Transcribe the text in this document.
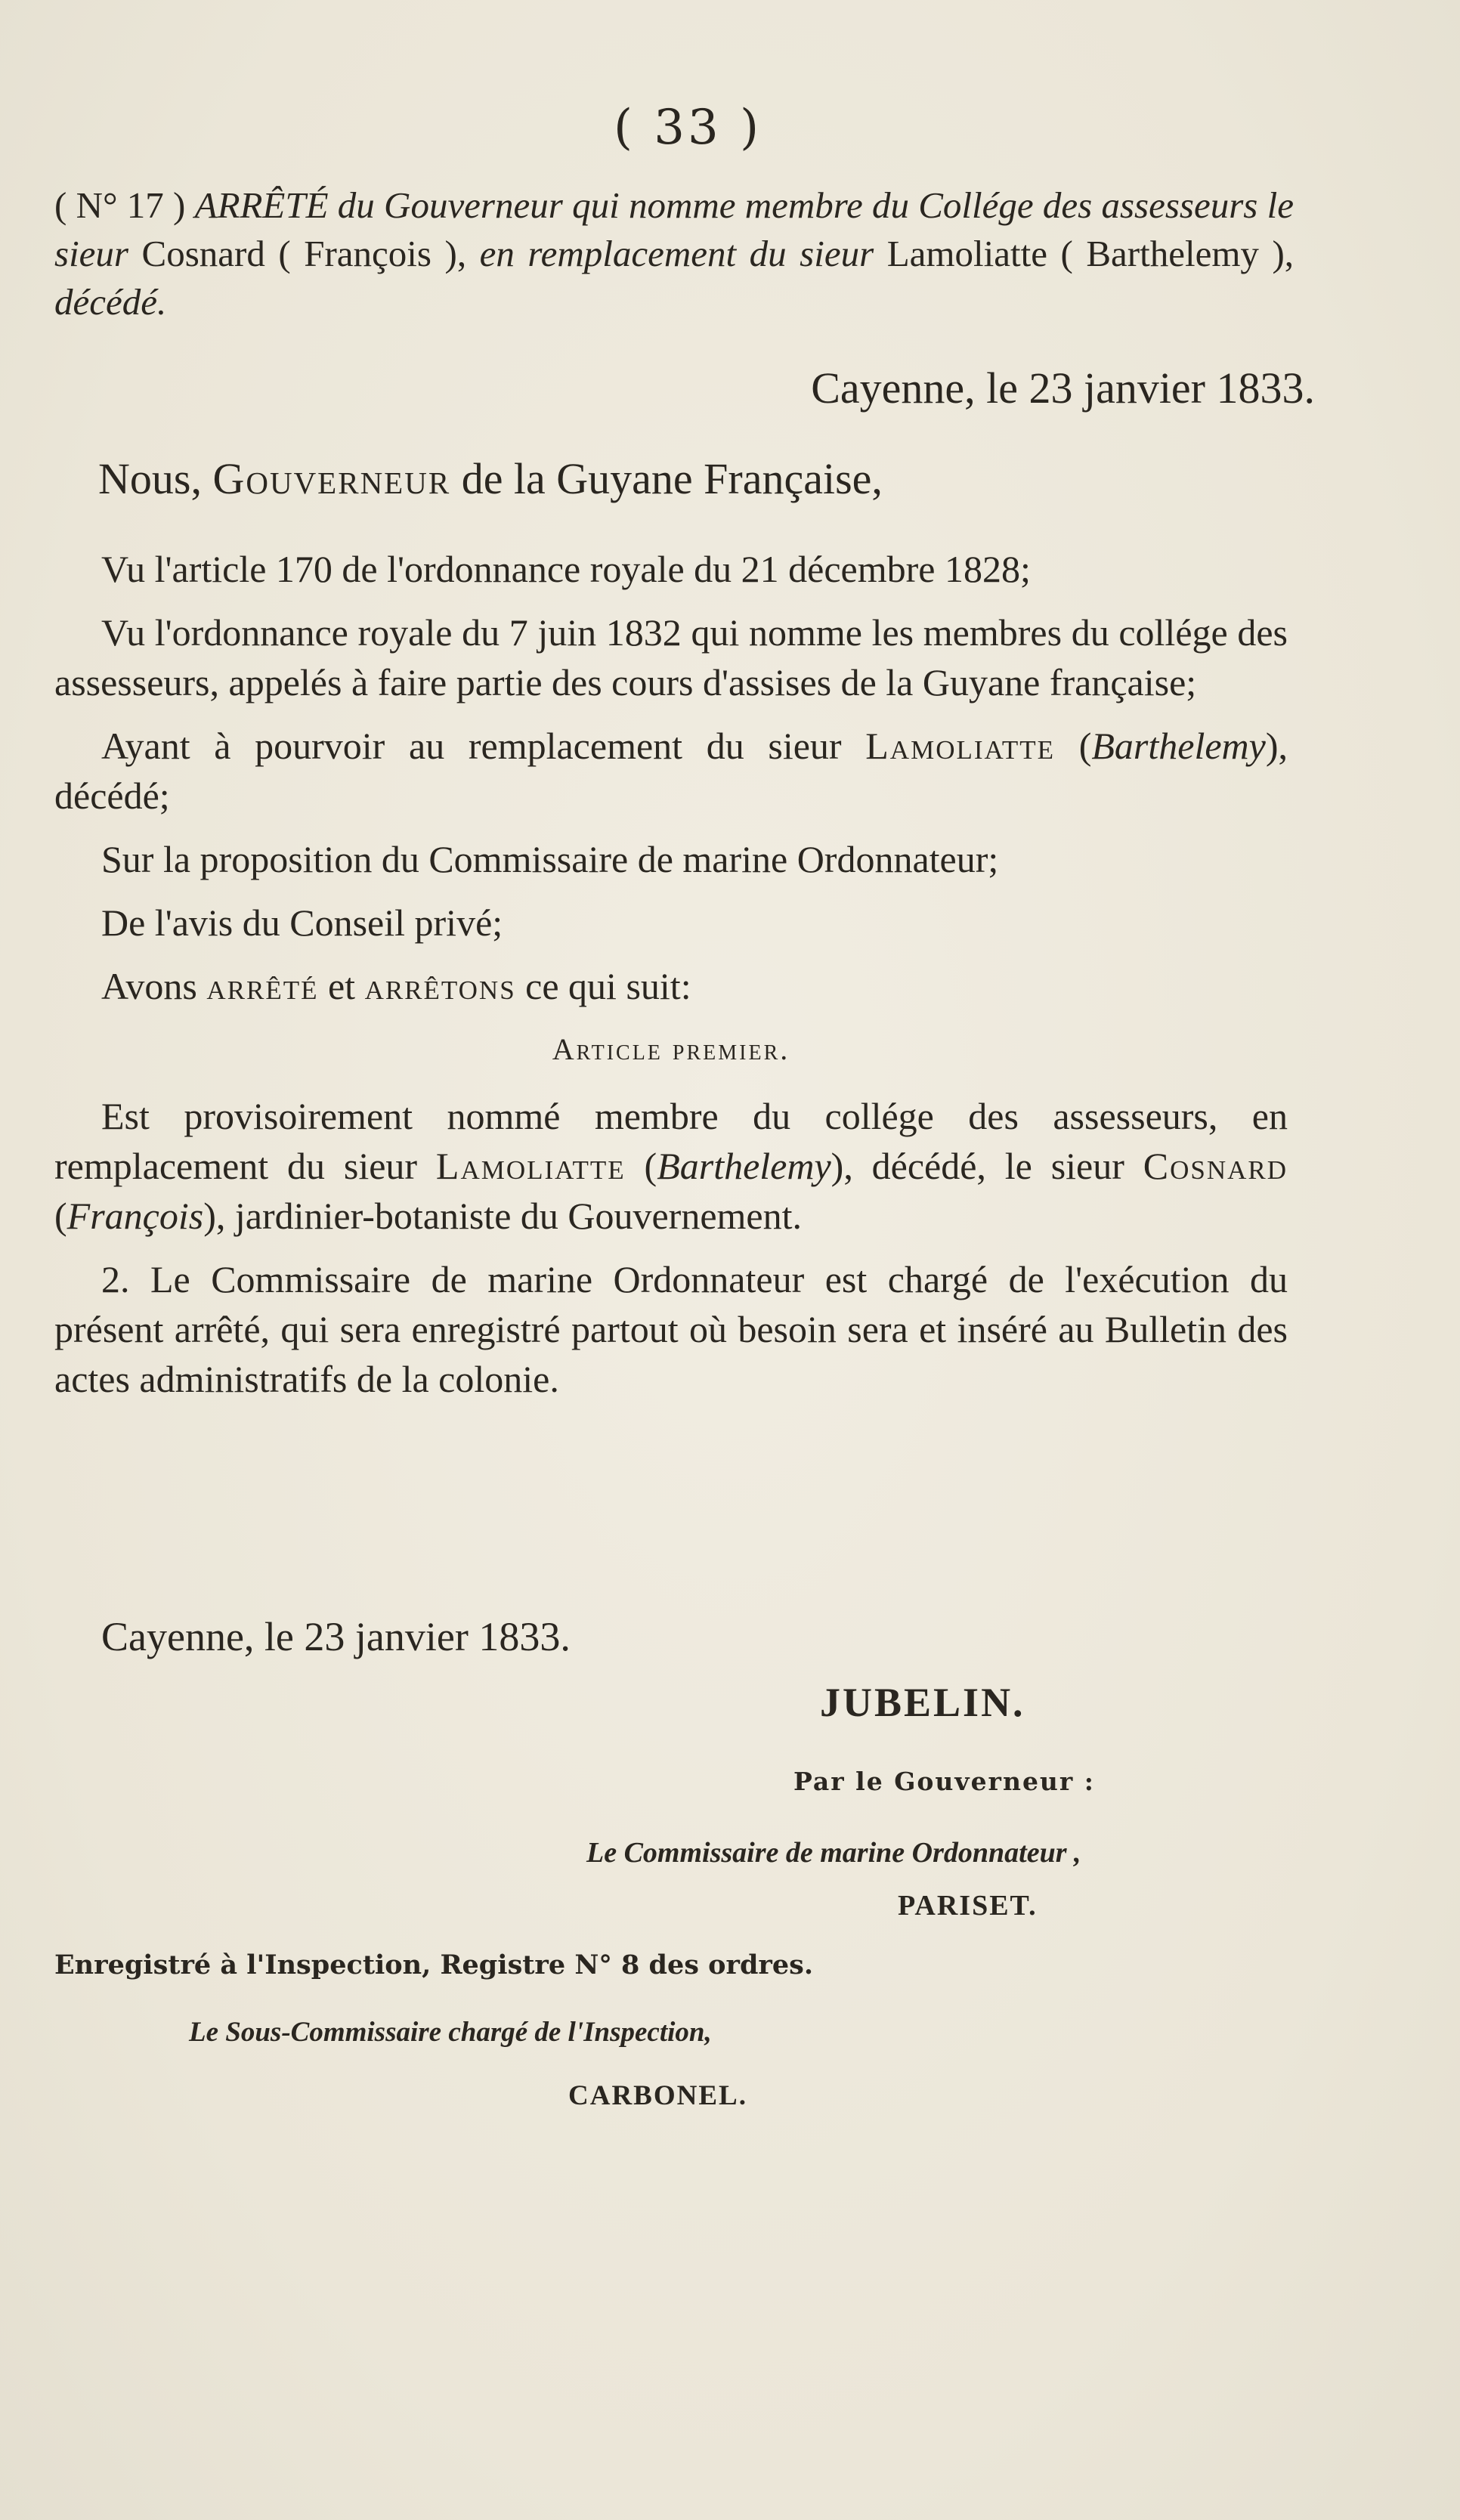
( 33 )
( N° 17 ) ARRÊTÉ du Gouverneur qui nomme membre du Collége des assesseurs le sieur Cosnard ( François ), en remplacement du sieur Lamoliatte ( Barthelemy ), décédé.
Cayenne, le 23 janvier 1833.
Nous, Gouverneur de la Guyane Française,

Vu l'article 170 de l'ordonnance royale du 21 décembre 1828;

Vu l'ordonnance royale du 7 juin 1832 qui nomme les membres du collége des assesseurs, appelés à faire partie des cours d'assises de la Guyane française;

Ayant à pourvoir au remplacement du sieur Lamoliatte (Barthelemy), décédé;

Sur la proposition du Commissaire de marine Ordonnateur;

De l'avis du Conseil privé;

Avons arrêté et arrêtons ce qui suit:

Article premier.

Est provisoirement nommé membre du collége des assesseurs, en remplacement du sieur Lamoliatte (Barthelemy), décédé, le sieur Cosnard (François), jardinier-botaniste du Gouvernement.

2. Le Commissaire de marine Ordonnateur est chargé de l'exécution du présent arrêté, qui sera enregistré partout où besoin sera et inséré au Bulletin des actes administratifs de la colonie.

Cayenne, le 23 janvier 1833.
JUBELIN.
Par le Gouverneur :
Le Commissaire de marine Ordonnateur ,
PARISET.
Enregistré à l'Inspection, Registre N° 8 des ordres.
Le Sous-Commissaire chargé de l'Inspection,
CARBONEL.
